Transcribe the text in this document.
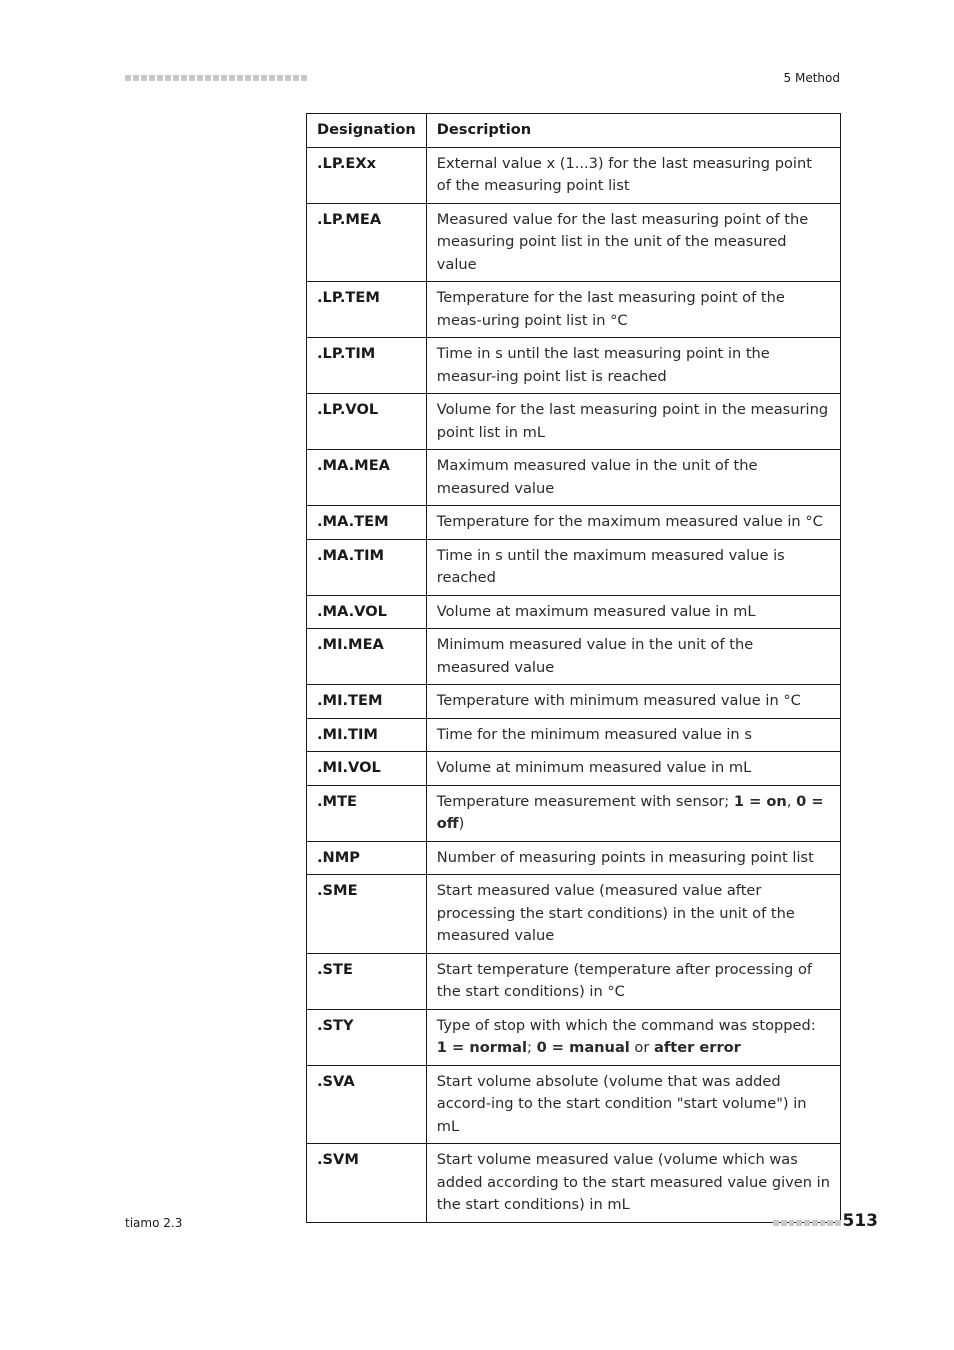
5 Method
Designation	Description
.LP.EXx	External value x (1...3) for the last measuring point of the measuring point list
.LP.MEA	Measured value for the last measuring point of the measuring point list in the unit of the measured value
.LP.TEM	Temperature for the last measuring point of the meas-uring point list in °C
.LP.TIM	Time in s until the last measuring point in the measur-ing point list is reached
.LP.VOL	Volume for the last measuring point in the measuring point list in mL
.MA.MEA	Maximum measured value in the unit of the measured value
.MA.TEM	Temperature for the maximum measured value in °C
.MA.TIM	Time in s until the maximum measured value is reached
.MA.VOL	Volume at maximum measured value in mL
.MI.MEA	Minimum measured value in the unit of the measured value
.MI.TEM	Temperature with minimum measured value in °C
.MI.TIM	Time for the minimum measured value in s
.MI.VOL	Volume at minimum measured value in mL
.MTE	Temperature measurement with sensor; 1 = on, 0 = off)
.NMP	Number of measuring points in measuring point list
.SME	Start measured value (measured value after processing the start conditions) in the unit of the measured value
.STE	Start temperature (temperature after processing of the start conditions) in °C
.STY	Type of stop with which the command was stopped: 1 = normal; 0 = manual or after error
.SVA	Start volume absolute (volume that was added accord-ing to the start condition "start volume") in mL
.SVM	Start volume measured value (volume which was added according to the start measured value given in the start conditions) in mL
tiamo 2.3	513
